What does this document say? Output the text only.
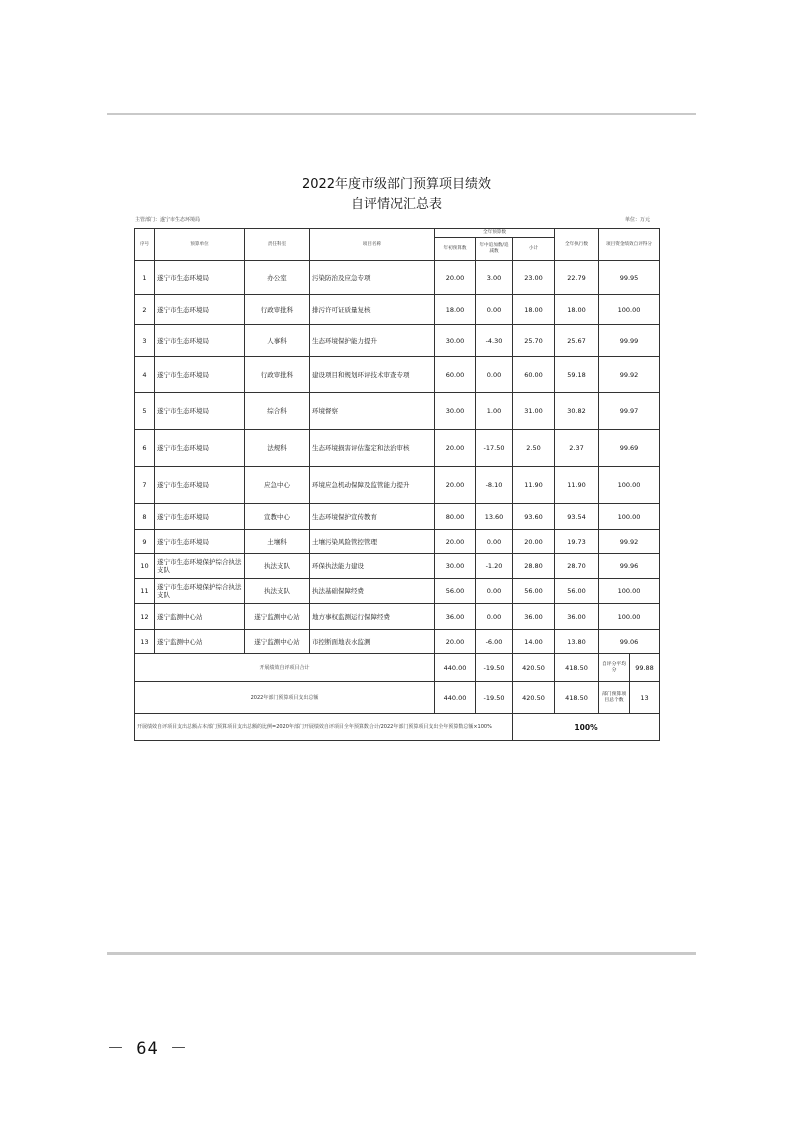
2022年度市级部门预算项目绩效
自评情况汇总表
主管部门：遂宁市生态环境局	单位：万元
序号	预算单位	责任科室	项目名称	全年预算数			全年执行数	项目资金绩效自评得分	
				年初预算数	年中追加数/追减数	小计			
1	遂宁市生态环境局	办公室	污染防治及应急专项	20.00	3.00	23.00	22.79	99.95	
2	遂宁市生态环境局	行政审批科	排污许可证质量复核	18.00	0.00	18.00	18.00	100.00	
3	遂宁市生态环境局	人事科	生态环境保护能力提升	30.00	-4.30	25.70	25.67	99.99	
4	遂宁市生态环境局	行政审批科	建设项目和规划环评技术审查专项	60.00	0.00	60.00	59.18	99.92	
5	遂宁市生态环境局	综合科	环境督察	30.00	1.00	31.00	30.82	99.97	
6	遂宁市生态环境局	法规科	生态环境损害评估鉴定和法治审核	20.00	-17.50	2.50	2.37	99.69	
7	遂宁市生态环境局	应急中心	环境应急机动保障及监管能力提升	20.00	-8.10	11.90	11.90	100.00	
8	遂宁市生态环境局	宣教中心	生态环境保护宣传教育	80.00	13.60	93.60	93.54	100.00	
9	遂宁市生态环境局	土壤科	土壤污染风险管控管理	20.00	0.00	20.00	19.73	99.92	
10	遂宁市生态环境保护综合执法支队	执法支队	环保执法能力建设	30.00	-1.20	28.80	28.70	99.96	
11	遂宁市生态环境保护综合执法支队	执法支队	执法基础保障经费	56.00	0.00	56.00	56.00	100.00	
12	遂宁监测中心站	遂宁监测中心站	地方事权监测运行保障经费	36.00	0.00	36.00	36.00	100.00	
13	遂宁监测中心站	遂宁监测中心站	市控断面地表水监测	20.00	-6.00	14.00	13.80	99.06	
开展绩效自评项目合计				440.00	-19.50	420.50	418.50	自评分平均分	99.88
2022年部门预算项目支出总额				440.00	-19.50	420.50	418.50	部门预算项目总个数	13
开展绩效自评项目支出总额占本部门预算项目支出总额的比例=2020年部门开展绩效自评项目全年预算数合计/2022年部门预算项目支出全年预算数总额×100%						100%			
－ 64 －
